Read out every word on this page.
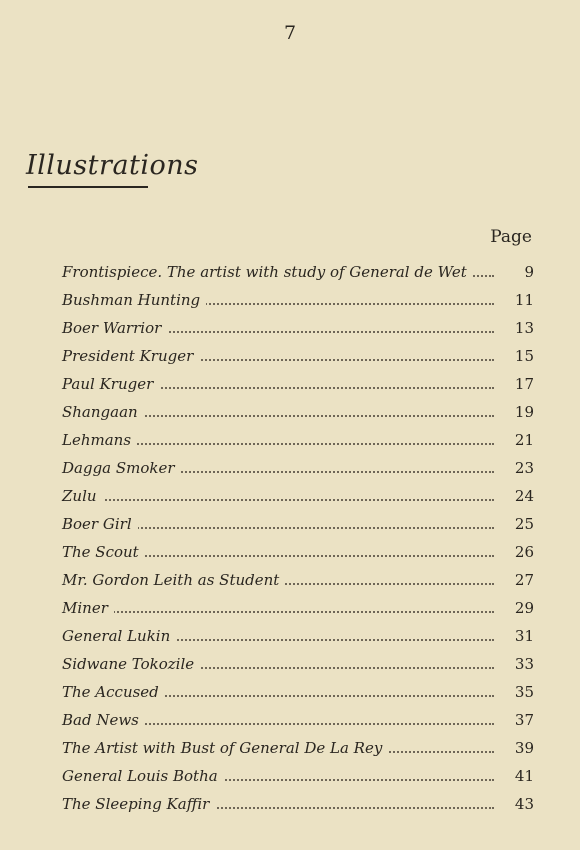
7
Illustrations
Page
Frontispiece. The artist with study of General de Wet	9
Bushman Hunting	11
Boer Warrior	13
President Kruger	15
Paul Kruger	17
Shangaan	19
Lehmans	21
Dagga Smoker	23
Zulu	24
Boer Girl	25
The Scout	26
Mr. Gordon Leith as Student	27
Miner	29
General Lukin	31
Sidwane Tokozile	33
The Accused	35
Bad News	37
The Artist with Bust of General De La Rey	39
General Louis Botha	41
The Sleeping Kaffir	43
